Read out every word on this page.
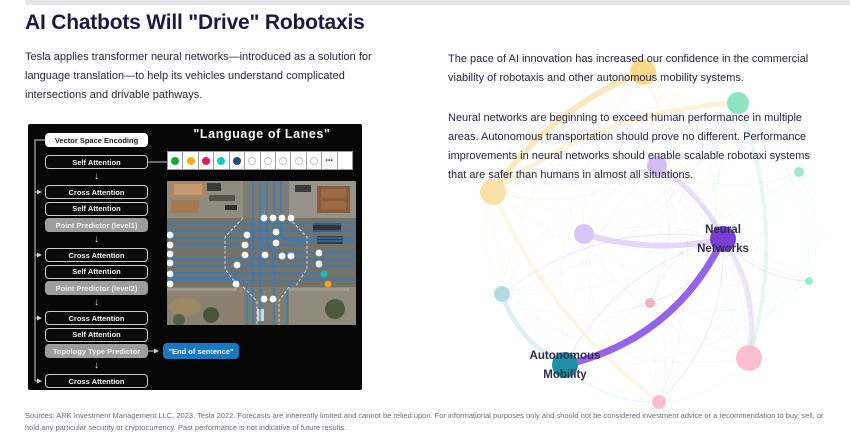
AI Chatbots Will "Drive" Robotaxis
Tesla applies transformer neural networks—introduced as a solution for language translation—to help its vehicles understand complicated intersections and drivable pathways.
Neural
Networks
Autonomous
Mobility

The pace of AI innovation has increased our confidence in the commercial viability of robotaxis and other autonomous mobility systems.

Neural networks are beginning to exceed human performance in multiple areas. Autonomous transportation should prove no different. Performance improvements in neural networks should enable scalable robotaxi systems that are safer than humans in almost all situations.

Vector Space Encoding
Self Attention
↓
Cross Attention
Self Attention
Point Predictor (level1)
↓
Cross Attention
Self Attention
Point Predictor (level2)
↓
Cross Attention
Self Attention
Topology Type Predictor
↓
Cross Attention
"Language of Lanes"
•••
"End of sentence"
Sources: ARK Investment Management LLC, 2023. Tesla 2022. Forecasts are inherently limited and cannot be relied upon. For informational purposes only and should not be considered investment advice or a recommendation to buy, sell, or hold any particular security or cryptocurrency. Past performance is not indicative of future results.
